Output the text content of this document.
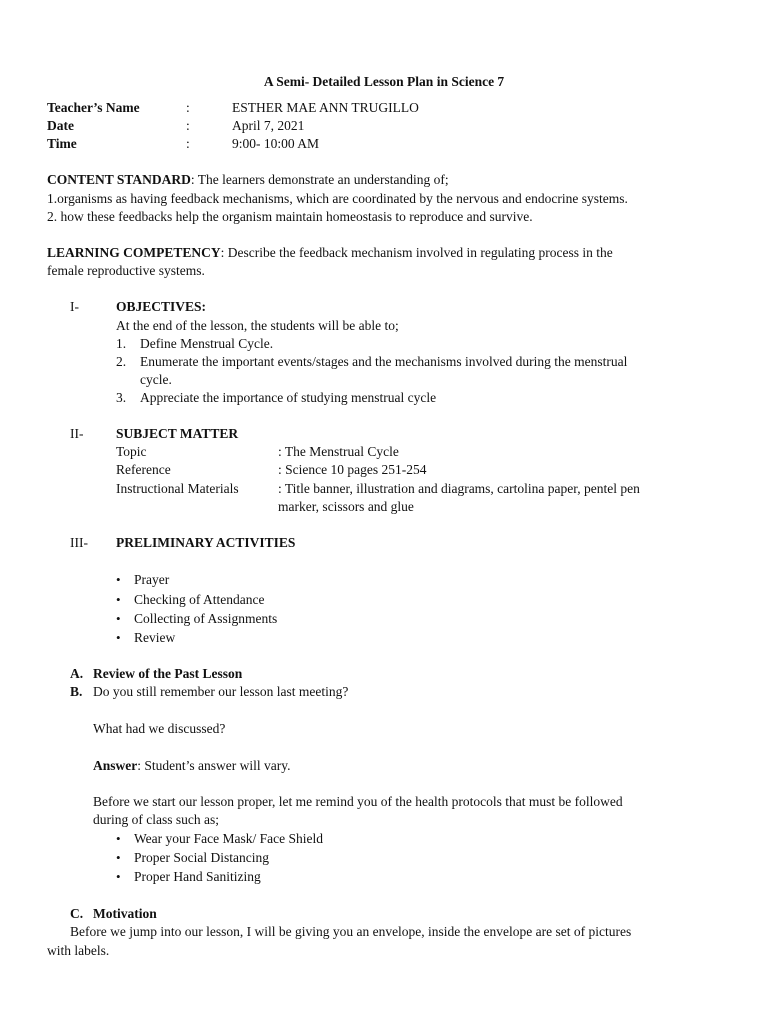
A Semi- Detailed Lesson Plan in Science 7
Teacher’s Name	:	ESTHER MAE ANN TRUGILLO
Date	:	April 7, 2021
Time	:	9:00- 10:00 AM
CONTENT STANDARD: The learners demonstrate an understanding of;
1.organisms as having feedback mechanisms, which are coordinated by the nervous and endocrine systems.
2. how these feedbacks help the organism maintain homeostasis to reproduce and survive.
LEARNING COMPETENCY: Describe the feedback mechanism involved in regulating process in the
female reproductive systems.
I-	OBJECTIVES:
At the end of the lesson, the students will be able to;
1. Define Menstrual Cycle.
2. Enumerate the important events/stages and the mechanisms involved during the menstrual
cycle.
3. Appreciate the importance of studying menstrual cycle
II- SUBJECT MATTER
Topic	: The Menstrual Cycle
Reference	: Science 10 pages 251-254
Instructional Materials	: Title banner, illustration and diagrams, cartolina paper, pentel pen
marker, scissors and glue
III- PRELIMINARY ACTIVITIES
• Prayer
• Checking of Attendance
• Collecting of Assignments
• Review
A. Review of the Past Lesson
B. Do you still remember our lesson last meeting?
What had we discussed?
Answer: Student’s answer will vary.
Before we start our lesson proper, let me remind you of the health protocols that must be followed
during of class such as;
• Wear your Face Mask/ Face Shield
• Proper Social Distancing
• Proper Hand Sanitizing
C. Motivation
Before we jump into our lesson, I will be giving you an envelope, inside the envelope are set of pictures
with labels.
